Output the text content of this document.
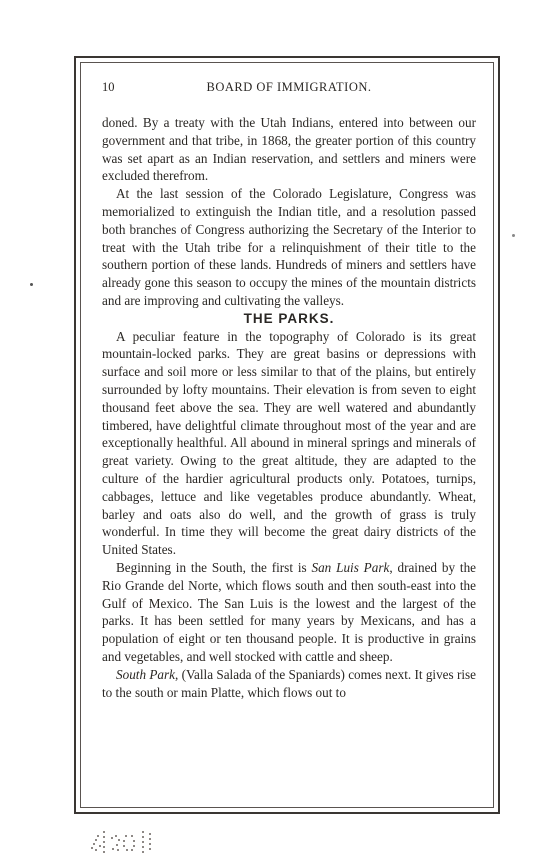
10	BOARD OF IMMIGRATION.

doned. By a treaty with the Utah Indians, entered into between our government and that tribe, in 1868, the greater portion of this country was set apart as an Indian reservation, and settlers and miners were excluded therefrom.

At the last session of the Colorado Legislature, Congress was memorialized to extinguish the Indian title, and a resolution passed both branches of Congress authorizing the Secretary of the Interior to treat with the Utah tribe for a relinquishment of their title to the southern portion of these lands. Hundreds of miners and settlers have already gone this season to occupy the mines of the mountain districts and are improving and cultivating the valleys.

THE PARKS.

A peculiar feature in the topography of Colorado is its great mountain-locked parks. They are great basins or depressions with surface and soil more or less similar to that of the plains, but entirely surrounded by lofty mountains. Their elevation is from seven to eight thousand feet above the sea. They are well watered and abundantly timbered, have delightful climate throughout most of the year and are exceptionally healthful. All abound in mineral springs and minerals of great variety. Owing to the great altitude, they are adapted to the culture of the hardier agricultural products only. Potatoes, turnips, cabbages, lettuce and like vegetables produce abundantly. Wheat, barley and oats also do well, and the growth of grass is truly wonderful. In time they will become the great dairy districts of the United States.

Beginning in the South, the first is San Luis Park, drained by the Rio Grande del Norte, which flows south and then south-east into the Gulf of Mexico. The San Luis is the lowest and the largest of the parks. It has been settled for many years by Mexicans, and has a population of eight or ten thousand people. It is productive in grains and vegetables, and well stocked with cattle and sheep.

South Park, (Valla Salada of the Spaniards) comes next. It gives rise to the south or main Platte, which flows out to
